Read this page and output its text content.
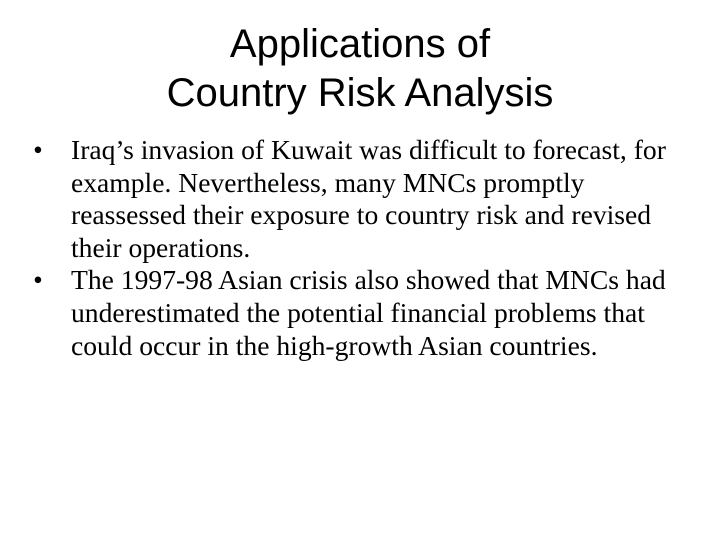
Applications of
Country Risk Analysis
• Iraq’s invasion of Kuwait was difficult to forecast, for example. Nevertheless, many MNCs promptly reassessed their exposure to country risk and revised their operations.
• The 1997-98 Asian crisis also showed that MNCs had underestimated the potential financial problems that could occur in the high-growth Asian countries.
